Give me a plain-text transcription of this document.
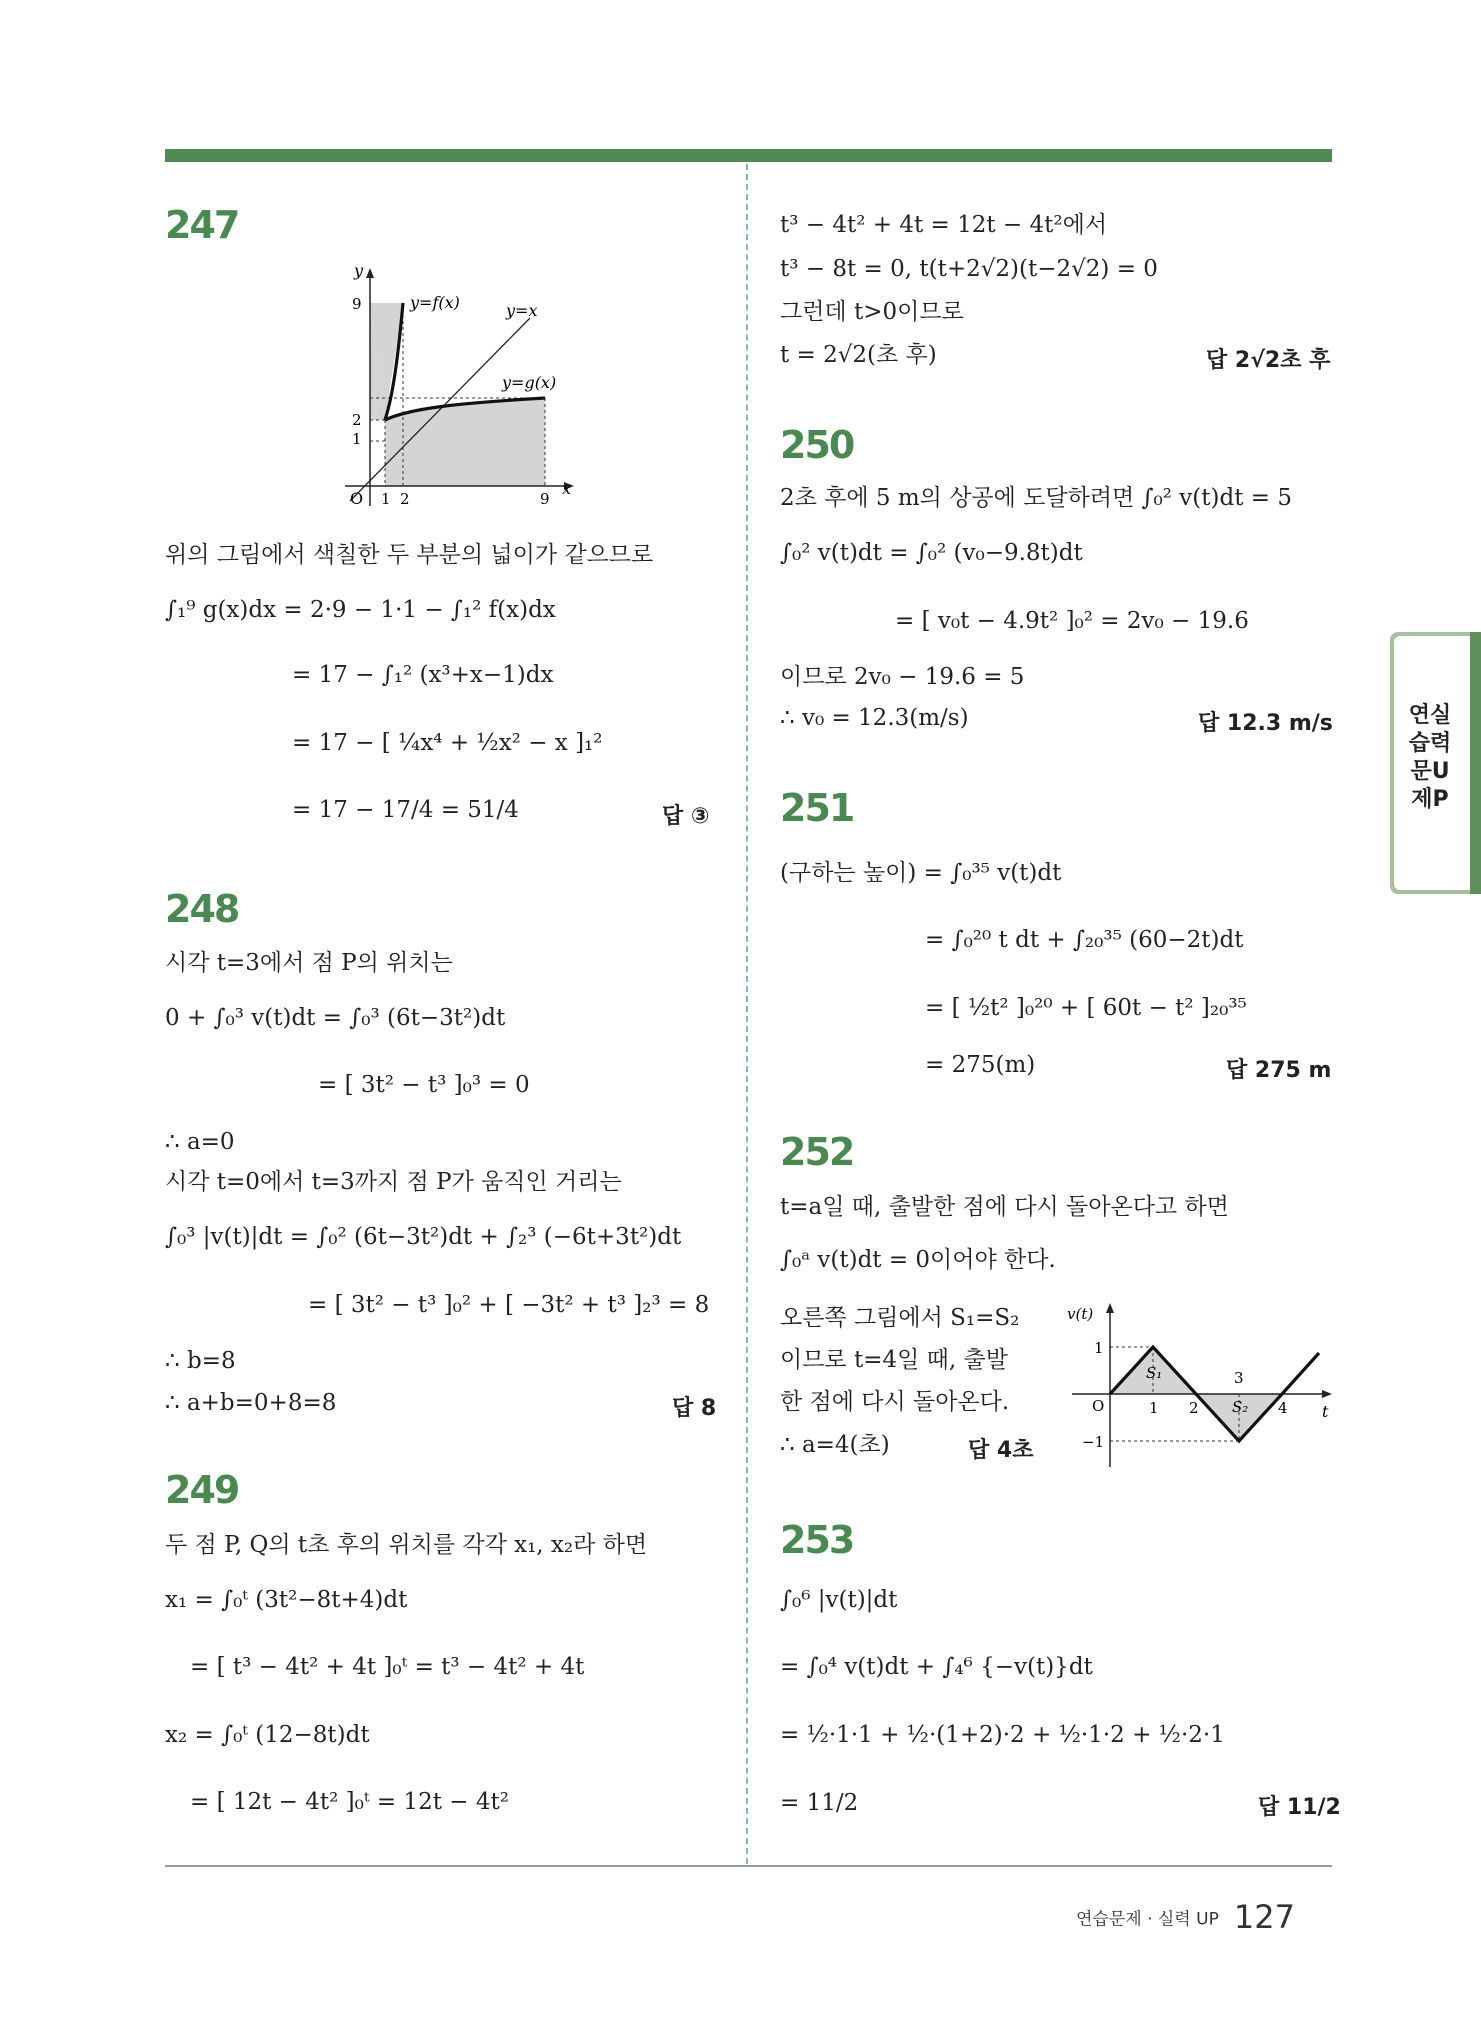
247
y
x
O
9
2
1
1 2	9
y=f(x)	y=x
y=g(x)
위의 그림에서 색칠한 두 부분의 넓이가 같으므로
∫₁⁹ g(x)dx = 2·9 − 1·1 − ∫₁² f(x)dx
= 17 − ∫₁² (x³+x−1)dx
= 17 − [ ¼x⁴ + ½x² − x ]₁²
= 17 − 17/4 = 51/4	답 ③
248
시각 t=3에서 점 P의 위치는
0 + ∫₀³ v(t)dt = ∫₀³ (6t−3t²)dt
= [ 3t² − t³ ]₀³ = 0
∴ a=0
시각 t=0에서 t=3까지 점 P가 움직인 거리는
∫₀³ |v(t)|dt = ∫₀² (6t−3t²)dt + ∫₂³ (−6t+3t²)dt
= [ 3t² − t³ ]₀² + [ −3t² + t³ ]₂³ = 8
∴ b=8
∴ a+b=0+8=8	답 8
249
두 점 P, Q의 t초 후의 위치를 각각 x₁, x₂라 하면
x₁ = ∫₀ᵗ (3t²−8t+4)dt
= [ t³ − 4t² + 4t ]₀ᵗ = t³ − 4t² + 4t
x₂ = ∫₀ᵗ (12−8t)dt
= [ 12t − 4t² ]₀ᵗ = 12t − 4t²
t³ − 4t² + 4t = 12t − 4t²에서
t³ − 8t = 0, t(t+2√2)(t−2√2) = 0
그런데 t>0이므로
t = 2√2(초 후)	답 2√2초 후
250
2초 후에 5 m의 상공에 도달하려면 ∫₀² v(t)dt = 5
∫₀² v(t)dt = ∫₀² (v₀−9.8t)dt
= [ v₀t − 4.9t² ]₀² = 2v₀ − 19.6
이므로 2v₀ − 19.6 = 5
∴ v₀ = 12.3(m/s)	답 12.3 m/s
251
(구하는 높이) = ∫₀³⁵ v(t)dt
= ∫₀²⁰ t dt + ∫₂₀³⁵ (60−2t)dt
= [ ½t² ]₀²⁰ + [ 60t − t² ]₂₀³⁵
= 275(m)	답 275 m
252
t=a일 때, 출발한 점에 다시 돌아온다고 하면
∫₀ᵃ v(t)dt = 0이어야 한다.
오른쪽 그림에서 S₁=S₂
이므로 t=4일 때, 출발
한 점에 다시 돌아온다.
∴ a=4(초)	답 4초
v(t)
t
O
1
−1
1 2
3
4
S₁
S₂
253
∫₀⁶ |v(t)|dt
= ∫₀⁴ v(t)dt + ∫₄⁶ {−v(t)}dt
= ½·1·1 + ½·(1+2)·2 + ½·1·2 + ½·2·1
= 11/2	답 11/2
연실
습력
문U
제P
연습문제 · 실력 UP 127
